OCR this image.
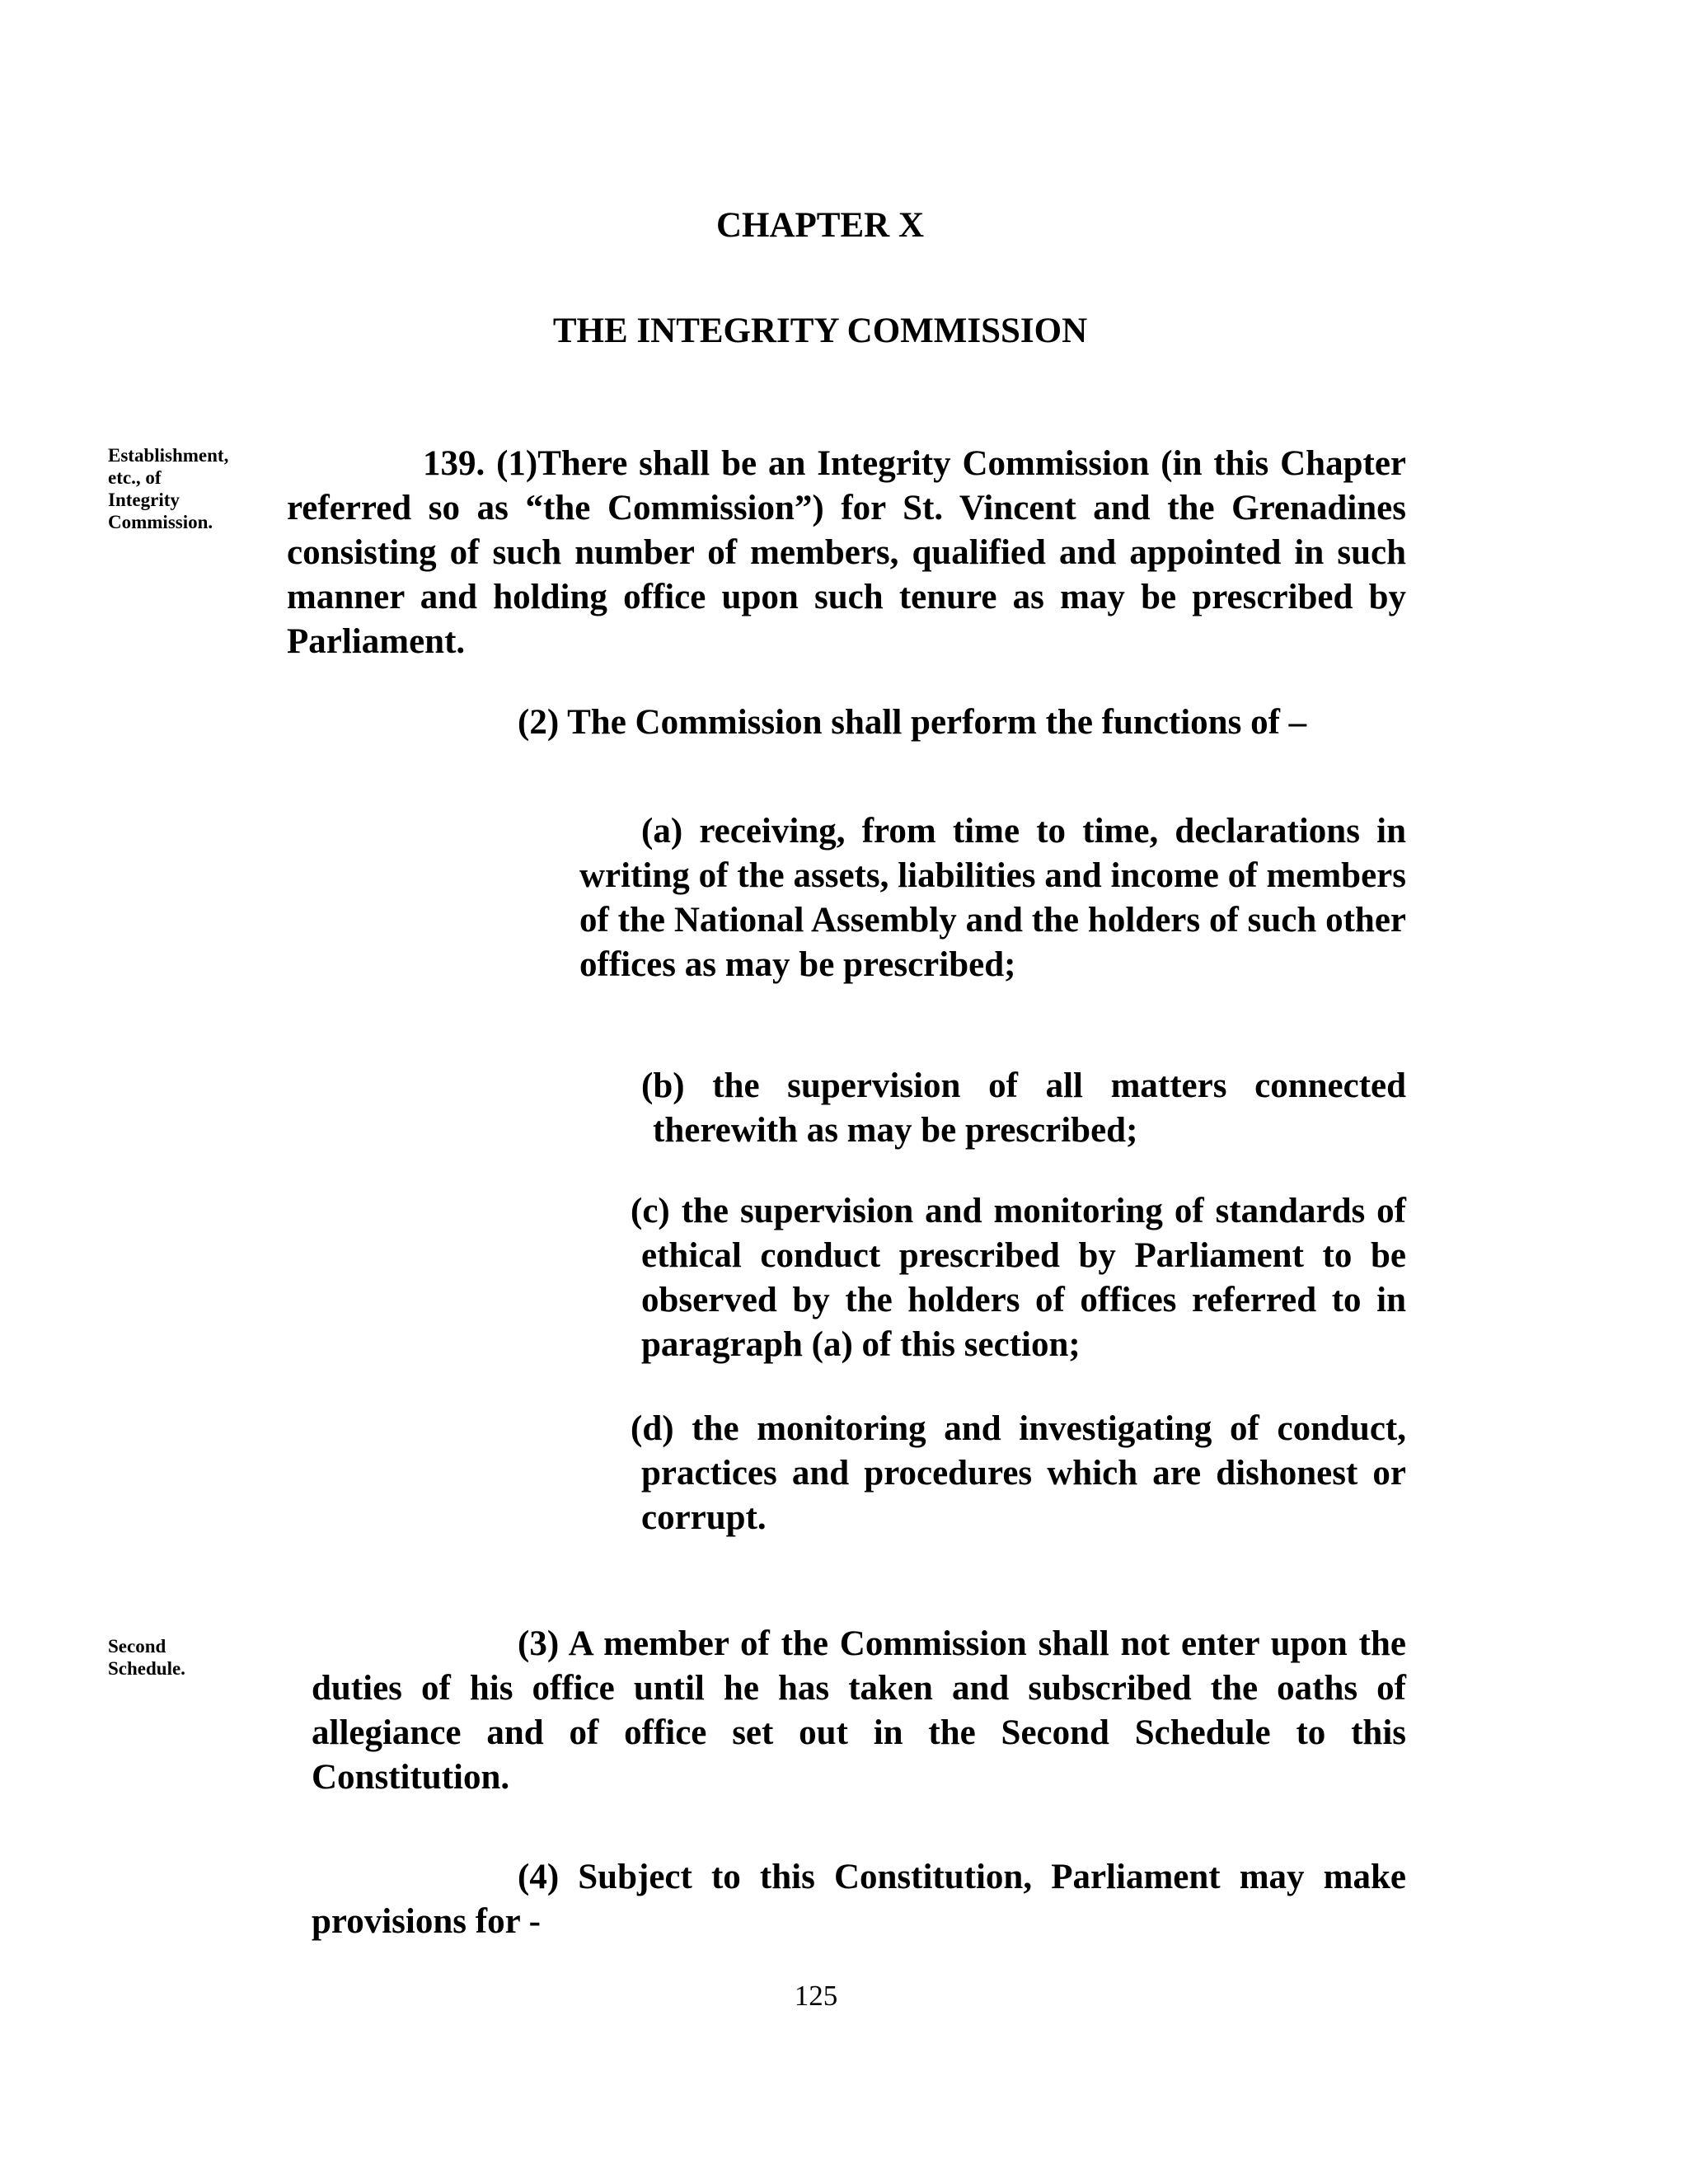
CHAPTER X
THE INTEGRITY COMMISSION
Establishment,
etc., of
Integrity
Commission.

139. (1)There shall be an Integrity Commission (in this Chapter referred so as “the Commission”) for St. Vincent and the Grenadines consisting of such number of members, qualified and appointed in such manner and holding office upon such tenure as may be prescribed by Parliament.

(2) The Commission shall perform the functions of –

(a) receiving, from time to time, declarations in writing of the assets, liabilities and income of members of the National Assembly and the holders of such other offices as may be prescribed;
(b) the supervision of all matters connected therewith as may be prescribed;
(c) the supervision and monitoring of standards of ethical conduct prescribed by Parliament to be observed by the holders of offices referred to in paragraph (a) of this section;
(d) the monitoring and investigating of conduct, practices and procedures which are dishonest or corrupt.
Second
Schedule.

(3) A member of the Commission shall not enter upon the duties of his office until he has taken and subscribed the oaths of allegiance and of office set out in the Second Schedule to this Constitution.

(4) Subject to this Constitution, Parliament may make provisions for -

125
